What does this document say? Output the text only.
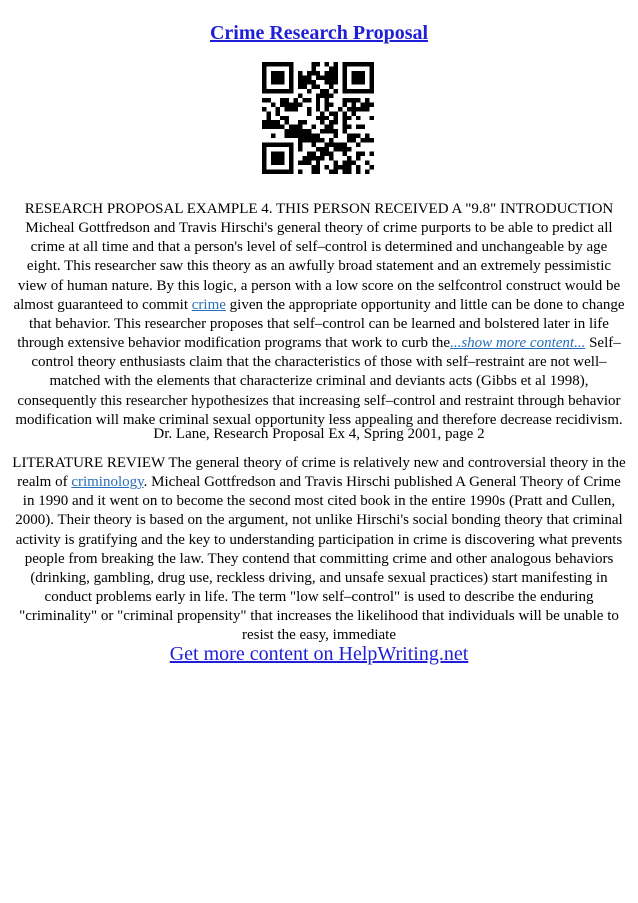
Crime Research Proposal
RESEARCH PROPOSAL EXAMPLE 4. THIS PERSON RECEIVED A "9.8" INTRODUCTION Micheal Gottfredson and Travis Hirschi's general theory of crime purports to be able to predict all crime at all time and that a person's level of self–control is determined and unchangeable by age eight. This researcher saw this theory as an awfully broad statement and an extremely pessimistic view of human nature. By this logic, a person with a low score on the selfcontrol construct would be almost guaranteed to commit crime given the appropriate opportunity and little can be done to change that behavior. This researcher proposes that self–control can be learned and bolstered later in life through extensive behavior modification programs that work to curb the...show more content... Self–control theory enthusiasts claim that the characteristics of those with self–restraint are not well–matched with the elements that characterize criminal and deviants acts (Gibbs et al 1998), consequently this researcher hypothesizes that increasing self–control and restraint through behavior modification will make criminal sexual opportunity less appealing and therefore decrease recidivism.
Dr. Lane, Research Proposal Ex 4, Spring 2001, page 2
LITERATURE REVIEW The general theory of crime is relatively new and controversial theory in the realm of criminology. Micheal Gottfredson and Travis Hirschi published A General Theory of Crime in 1990 and it went on to become the second most cited book in the entire 1990s (Pratt and Cullen, 2000). Their theory is based on the argument, not unlike Hirschi's social bonding theory that criminal activity is gratifying and the key to understanding participation in crime is discovering what prevents people from breaking the law. They contend that committing crime and other analogous behaviors (drinking, gambling, drug use, reckless driving, and unsafe sexual practices) start manifesting in conduct problems early in life. The term "low self–control" is used to describe the enduring "criminality" or "criminal propensity" that increases the likelihood that individuals will be unable to resist the easy, immediate
Get more content on HelpWriting.net
